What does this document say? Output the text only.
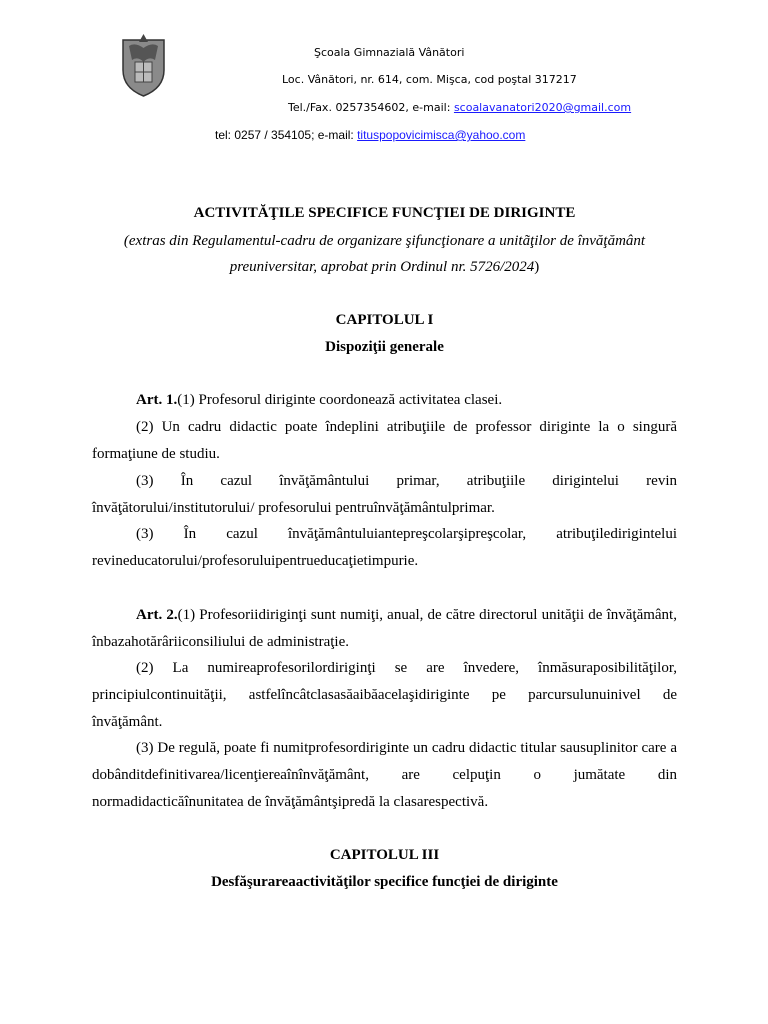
Şcoala Gimnazială Vânători
Loc. Vânători, nr. 614, com. Mişca, cod poştal 317217
Tel./Fax. 0257354602, e-mail: scoalavanatori2020@gmail.com
tel: 0257 / 354105; e-mail: tituspopovicimisca@yahoo.com
ACTIVITĂŢILE SPECIFICE FUNCŢIEI DE DIRIGINTE
(extras din Regulamentul-cadru de organizare şifuncţionare a unitãţilor de învăţământ preuniversitar, aprobat prin Ordinul nr. 5726/2024)
CAPITOLUL I
Dispoziţii generale
Art. 1.(1) Profesorul diriginte coordonează activitatea clasei.
(2) Un cadru didactic poate îndeplini atribuţiile de professor diriginte la o singură formaţiune de studiu.
(3) În cazul învăţământului primar, atribuţiile dirigintelui revin învăţătorului/institutorului/ profesorului pentruînvăţământulprimar.
(3) În cazul învăţământuluiantepreşcolarşipreşcolar, atribuţiledirigintelui revineducatorului/profesoruluipentrueducaţietimpurie.
Art. 2.(1) Profesoriidiriginţi sunt numiţi, anual, de către directorul unităţii de învăţământ, înbazahotărâriiconsiliului de administraţie.
(2) La numireaprofesorilordiriginţi se are învedere, înmăsuraposibilităţilor, principiulcontinuităţii, astfelîncâtclasasăaibăacelaşidiriginte pe parcursulunuinivel de învăţământ.
(3) De regulă, poate fi numitprofesordiriginte un cadru didactic titular sausuplinitor care a dobânditdefinitivarea/licenţiereaînînvăţământ, are celpuţin o jumătate din normadidacticăînunitatea de învăţământşipredă la clasarespectivă.
CAPITOLUL III
Desfăşurareaactivităţilor specifice funcţiei de diriginte
